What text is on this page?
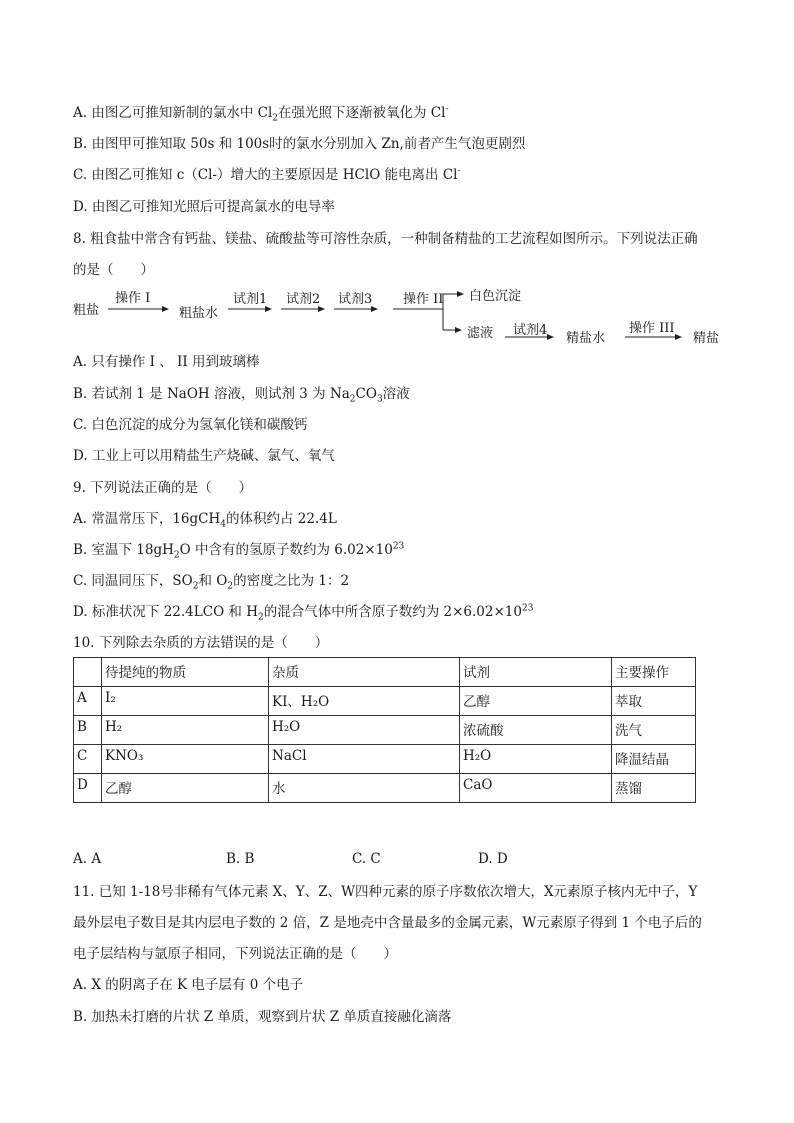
A. 由图乙可推知新制的氯水中 $Cl_2$在强光照下逐渐被氧化为 Cl-
B. 由图甲可推知取 50s 和 100s时的氯水分别加入 Zn,前者产生气泡更剧烈
C. 由图乙可推知 c（Cl-）增大的主要原因是 HClO 能电离出 Cl-
D. 由图乙可推知光照后可提高氯水的电导率
8. 粗食盐中常含有钙盐、镁盐、硫酸盐等可溶性杂质，一种制备精盐的工艺流程如图所示。下列说法正确
的是（　　）
粗盐
操作 I
粗盐水
试剂1 试剂2 试剂3 操作 II 白色沉淀
滤液 试剂4
精盐水
操作 III
精盐
A. 只有操作 I 、 II 用到玻璃棒
B. 若试剂 1 是 NaOH 溶液，则试剂 3 为 $Na_2CO_3$溶液
C. 白色沉淀的成分为氢氧化镁和碳酸钙
D. 工业上可以用精盐生产烧碱、氯气、氧气
9. 下列说法正确的是（　　）
A. 常温常压下，16gCH$_4$的体积约占 22.4L
B. 室温下 $18gH_2O$ 中含有的氢原子数约为 $6.02\times 10^{23}$
C. 同温同压下，$SO_2$和 $O_2$的密度之比为 1：2
D. 标准状况下 22.4LCO 和 $H_2$的混合气体中所含原子数约为 $2\times 6.02\times 10^{23}$
10. 下列除去杂质的方法错误的是（　　）
	待提纯的物质	杂质	试剂	主要操作
A	I₂	KI、H₂O	乙醇	萃取
B	H₂	H₂O	浓硫酸	洗气
C	KNO₃	NaCl	H₂O	降温结晶
D	乙醇	水	CaO	蒸馏
A. A	B. B	C. C	D. D
11. 已知 1-18号非稀有气体元素 X、Y、Z、W四种元素的原子序数依次增大，X元素原子核内无中子，Y
最外层电子数目是其内层电子数的 2 倍，Z 是地壳中含量最多的金属元素，W元素原子得到 1 个电子后的
电子层结构与氩原子相同，下列说法正确的是（　　）
A. X 的阴离子在 K 电子层有 0 个电子
B. 加热未打磨的片状 Z 单质，观察到片状 Z 单质直接融化滴落
